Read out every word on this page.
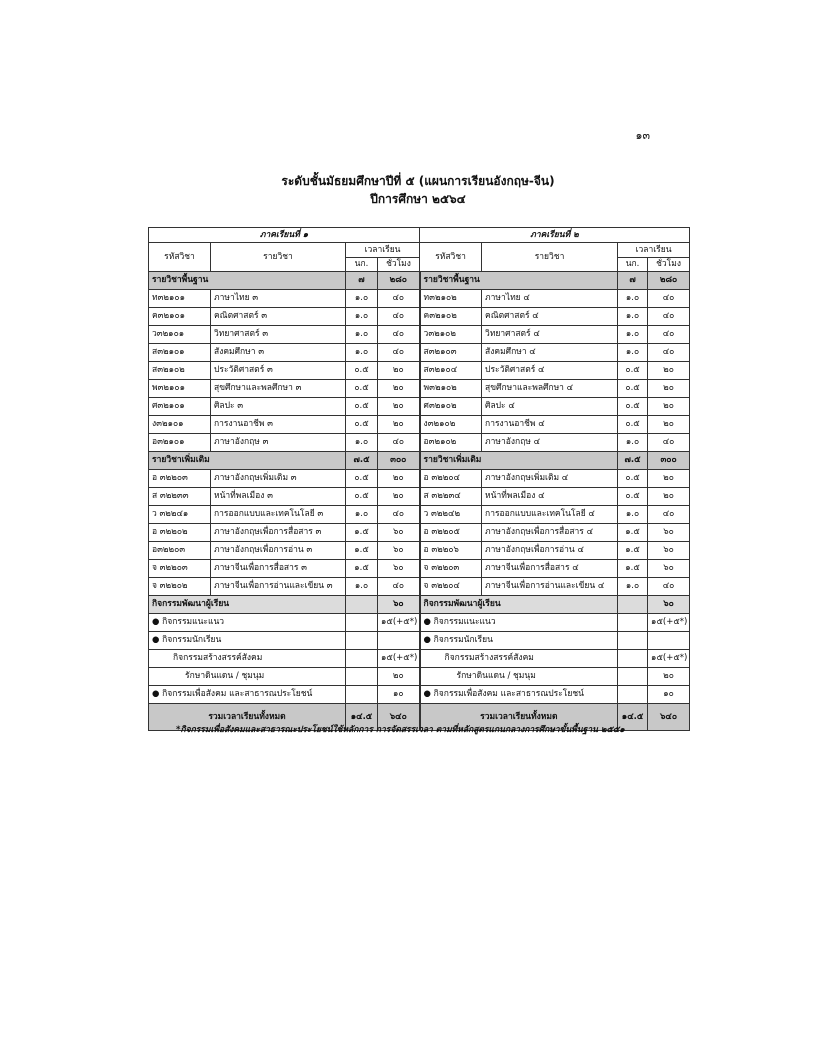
๑๓
ระดับชั้นมัธยมศึกษาปีที่ ๕ (แผนการเรียนอังกฤษ-จีน)
ปีการศึกษา ๒๕๖๔
ภาคเรียนที่ ๑				ภาคเรียนที่ ๒			
รหัสวิชา	รายวิชา	เวลาเรียน		รหัสวิชา	รายวิชา	เวลาเรียน	
		นก.	ชั่วโมง			นก.	ชั่วโมง
รายวิชาพื้นฐาน		๗	๒๘๐	รายวิชาพื้นฐาน		๗	๒๘๐
ท๓๒๑๐๑	ภาษาไทย ๓	๑.๐	๔๐	ท๓๒๑๐๒	ภาษาไทย ๔	๑.๐	๔๐
ค๓๒๑๐๑	คณิตศาสตร์ ๓	๑.๐	๔๐	ค๓๒๑๐๒	คณิตศาสตร์ ๔	๑.๐	๔๐
ว๓๒๑๐๑	วิทยาศาสตร์ ๓	๑.๐	๔๐	ว๓๒๑๐๒	วิทยาศาสตร์ ๔	๑.๐	๔๐
ส๓๒๑๐๑	สังคมศึกษา ๓	๑.๐	๔๐	ส๓๒๑๐๓	สังคมศึกษา ๔	๑.๐	๔๐
ส๓๒๑๐๒	ประวัติศาสตร์ ๓	๐.๕	๒๐	ส๓๒๑๐๔	ประวัติศาสตร์ ๔	๐.๕	๒๐
พ๓๒๑๐๑	สุขศึกษาและพลศึกษา ๓	๐.๕	๒๐	พ๓๒๑๐๒	สุขศึกษาและพลศึกษา ๔	๐.๕	๒๐
ศ๓๒๑๐๑	ศิลปะ ๓	๐.๕	๒๐	ศ๓๒๑๐๒	ศิลปะ ๔	๐.๕	๒๐
ง๓๒๑๐๑	การงานอาชีพ ๓	๐.๕	๒๐	ง๓๒๑๐๒	การงานอาชีพ ๔	๐.๕	๒๐
อ๓๒๑๐๑	ภาษาอังกฤษ ๓	๑.๐	๔๐	อ๓๒๑๐๒	ภาษาอังกฤษ ๔	๑.๐	๔๐
รายวิชาเพิ่มเติม		๗.๕	๓๐๐	รายวิชาเพิ่มเติม		๗.๕	๓๐๐
อ ๓๒๒๐๓	ภาษาอังกฤษเพิ่มเติม ๓	๐.๕	๒๐	อ ๓๒๒๐๔	ภาษาอังกฤษเพิ่มเติม ๔	๐.๕	๒๐
ส ๓๒๒๓๓	หน้าที่พลเมือง ๓	๐.๕	๒๐	ส ๓๒๒๓๔	หน้าที่พลเมือง ๔	๐.๕	๒๐
ว ๓๒๒๔๑	การออกแบบและเทคโนโลยี ๓	๑.๐	๔๐	ว ๓๒๒๔๒	การออกแบบและเทคโนโลยี ๔	๑.๐	๔๐
อ ๓๒๒๐๒	ภาษาอังกฤษเพื่อการสื่อสาร ๓	๑.๕	๖๐	อ ๓๒๒๐๕	ภาษาอังกฤษเพื่อการสื่อสาร ๔	๑.๕	๖๐
อ๓๒๒๐๓	ภาษาอังกฤษเพื่อการอ่าน ๓	๑.๕	๖๐	อ ๓๒๒๐๖	ภาษาอังกฤษเพื่อการอ่าน ๔	๑.๕	๖๐
จ ๓๒๒๐๓	ภาษาจีนเพื่อการสื่อสาร ๓	๑.๕	๖๐	จ ๓๒๒๐๓	ภาษาจีนเพื่อการสื่อสาร ๔	๑.๕	๖๐
จ ๓๒๒๐๒	ภาษาจีนเพื่อการอ่านและเขียน ๓	๑.๐	๔๐	จ ๓๒๒๐๔	ภาษาจีนเพื่อการอ่านและเขียน ๔	๑.๐	๔๐
กิจกรรมพัฒนาผู้เรียน			๖๐	กิจกรรมพัฒนาผู้เรียน			๖๐
● กิจกรรมแนะแนว			๑๕(+๕*)	● กิจกรรมแนะแนว			๑๕(+๕*)
● กิจกรรมนักเรียน				● กิจกรรมนักเรียน			
กิจกรรมสร้างสรรค์สังคม			๑๕(+๕*)	กิจกรรมสร้างสรรค์สังคม			๑๕(+๕*)
รักษาดินแดน / ชุมนุม			๒๐	รักษาดินแดน / ชุมนุม			๒๐
● กิจกรรมเพื่อสังคม และสาธารณประโยชน์			๑๐	● กิจกรรมเพื่อสังคม และสาธารณประโยชน์			๑๐
รวมเวลาเรียนทั้งหมด		๑๔.๕	๖๔๐	รวมเวลาเรียนทั้งหมด		๑๔.๕	๖๔๐
*กิจกรรมเพื่อสังคมและสาธารณะประโยชน์ใช้หลักการ การจัดสรรเวลา ตามที่หลักสูตรแกนกลางการศึกษาขั้นพื้นฐาน ๒๕๕๑
